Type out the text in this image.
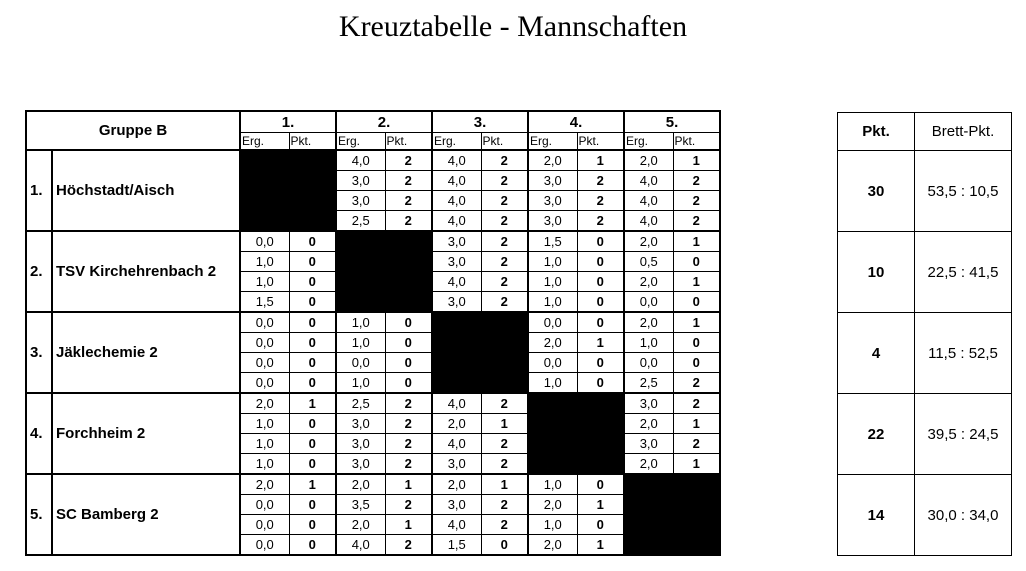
Kreuztabelle - Mannschaften
Gruppe B		1.		2.		3.		4.		5.	
		Erg.	Pkt.	Erg.	Pkt.	Erg.	Pkt.	Erg.	Pkt.	Erg.	Pkt.
1.	Höchstadt/Aisch			4,0	2	4,0	2	2,0	1	2,0	1
				3,0	2	4,0	2	3,0	2	4,0	2
				3,0	2	4,0	2	3,0	2	4,0	2
				2,5	2	4,0	2	3,0	2	4,0	2
2.	TSV Kirchehrenbach 2	0,0	0			3,0	2	1,5	0	2,0	1
		1,0	0			3,0	2	1,0	0	0,5	0
		1,0	0			4,0	2	1,0	0	2,0	1
		1,5	0			3,0	2	1,0	0	0,0	0
3.	Jäklechemie 2	0,0	0	1,0	0			0,0	0	2,0	1
		0,0	0	1,0	0			2,0	1	1,0	0
		0,0	0	0,0	0			0,0	0	0,0	0
		0,0	0	1,0	0			1,0	0	2,5	2
4.	Forchheim 2	2,0	1	2,5	2	4,0	2			3,0	2
		1,0	0	3,0	2	2,0	1			2,0	1
		1,0	0	3,0	2	4,0	2			3,0	2
		1,0	0	3,0	2	3,0	2			2,0	1
5.	SC Bamberg 2	2,0	1	2,0	1	2,0	1	1,0	0		
		0,0	0	3,5	2	3,0	2	2,0	1		
		0,0	0	2,0	1	4,0	2	1,0	0		
		0,0	0	4,0	2	1,5	0	2,0	1		
Pkt.	Brett-Pkt.
30	53,5 : 10,5
10	22,5 : 41,5
4	11,5 : 52,5
22	39,5 : 24,5
14	30,0 : 34,0
